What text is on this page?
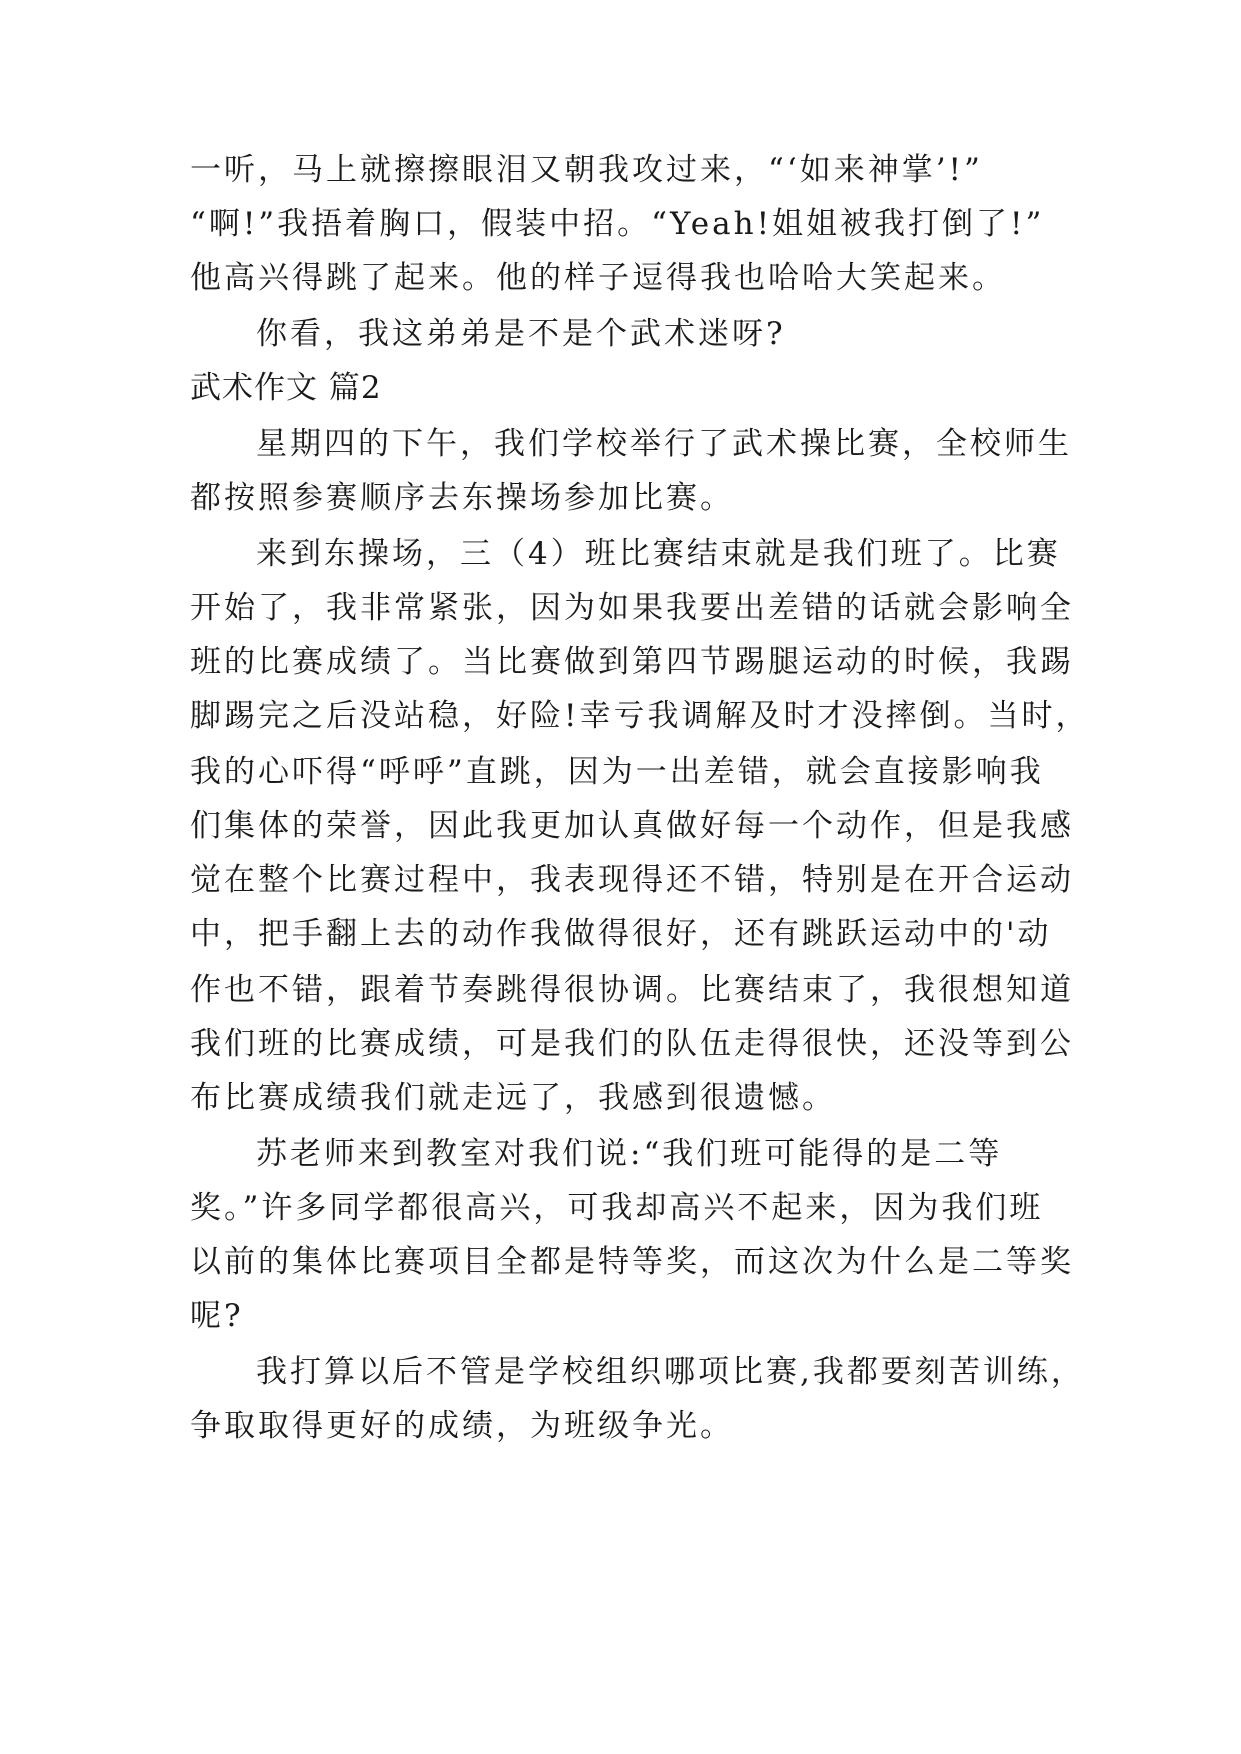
一听，马上就擦擦眼泪又朝我攻过来，“‘如来神掌’!”
“啊!”我捂着胸口，假装中招。“Yeah!姐姐被我打倒了!”
他高兴得跳了起来。他的样子逗得我也哈哈大笑起来。
你看，我这弟弟是不是个武术迷呀?
武术作文 篇2
星期四的下午，我们学校举行了武术操比赛，全校师生
都按照参赛顺序去东操场参加比赛。
来到东操场，三（4）班比赛结束就是我们班了。比赛
开始了，我非常紧张，因为如果我要出差错的话就会影响全
班的比赛成绩了。当比赛做到第四节踢腿运动的时候，我踢
脚踢完之后没站稳，好险!幸亏我调解及时才没摔倒。当时，
我的心吓得“呼呼”直跳，因为一出差错，就会直接影响我
们集体的荣誉，因此我更加认真做好每一个动作，但是我感
觉在整个比赛过程中，我表现得还不错，特别是在开合运动
中，把手翻上去的动作我做得很好，还有跳跃运动中的'动
作也不错，跟着节奏跳得很协调。比赛结束了，我很想知道
我们班的比赛成绩，可是我们的队伍走得很快，还没等到公
布比赛成绩我们就走远了，我感到很遗憾。
苏老师来到教室对我们说:“我们班可能得的是二等
奖。”许多同学都很高兴，可我却高兴不起来，因为我们班
以前的集体比赛项目全都是特等奖，而这次为什么是二等奖
呢?
我打算以后不管是学校组织哪项比赛,我都要刻苦训练，
争取取得更好的成绩，为班级争光。
